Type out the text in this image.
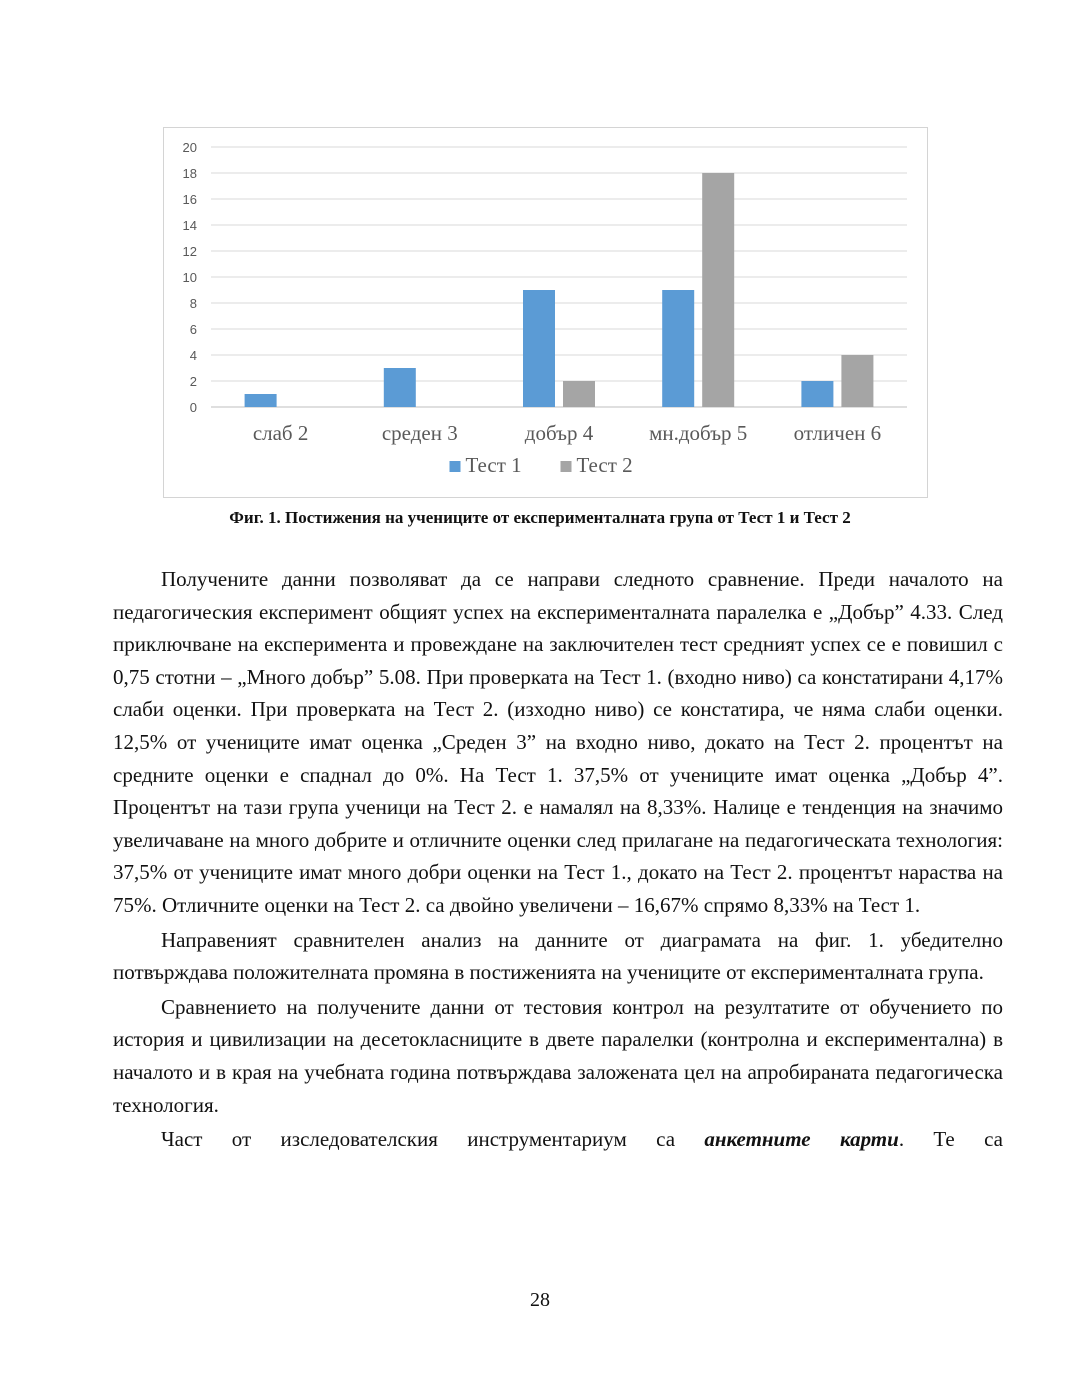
0
2
4
6
8
10
12
14
16
18
20
слаб 2	среден 3	добър 4	мн.добър 5 отличен 6
Тест 1	Тест 2
Фиг. 1. Постижения на учениците от експерименталната група от Тест 1 и Тест 2

Получените данни позволяват да се направи следното сравнение. Преди началото на педагогическия експеримент общият успех на експерименталната паралелка е „Добър” 4.33. След приключване на експеримента и провеждане на заключителен тест средният успех се е повишил с 0,75 стотни – „Много добър” 5.08. При проверката на Тест 1. (входно ниво) са констатирани 4,17% слаби оценки. При проверката на Тест 2. (изходно ниво) се констатира, че няма слаби оценки. 12,5% от учениците имат оценка „Среден 3” на входно ниво, докато на Тест 2. процентът на средните оценки е спаднал до 0%. На Тест 1. 37,5% от учениците имат оценка „Добър 4”. Процентът на тази група ученици на Тест 2. е намалял на 8,33%. Налице е тенденция на значимо увеличаване на много добрите и отличните оценки след прилагане на педагогическата технология: 37,5% от учениците имат много добри оценки на Тест 1., докато на Тест 2. процентът нараства на 75%. Отличните оценки на Тест 2. са двойно увеличени – 16,67% спрямо 8,33% на Тест 1.

Направеният сравнителен анализ на данните от диаграмата на фиг. 1. убедително потвърждава положителната промяна в постиженията на учениците от експерименталната група.

Сравнението на получените данни от тестовия контрол на резултатите от обучението по история и цивилизации на десетокласниците в двете паралелки (контролна и експериментална) в началото и в края на учебната година потвърждава заложената цел на апробираната педагогическа технология.

Част от изследователския инструментариум са анкетните карти. Те са

28
